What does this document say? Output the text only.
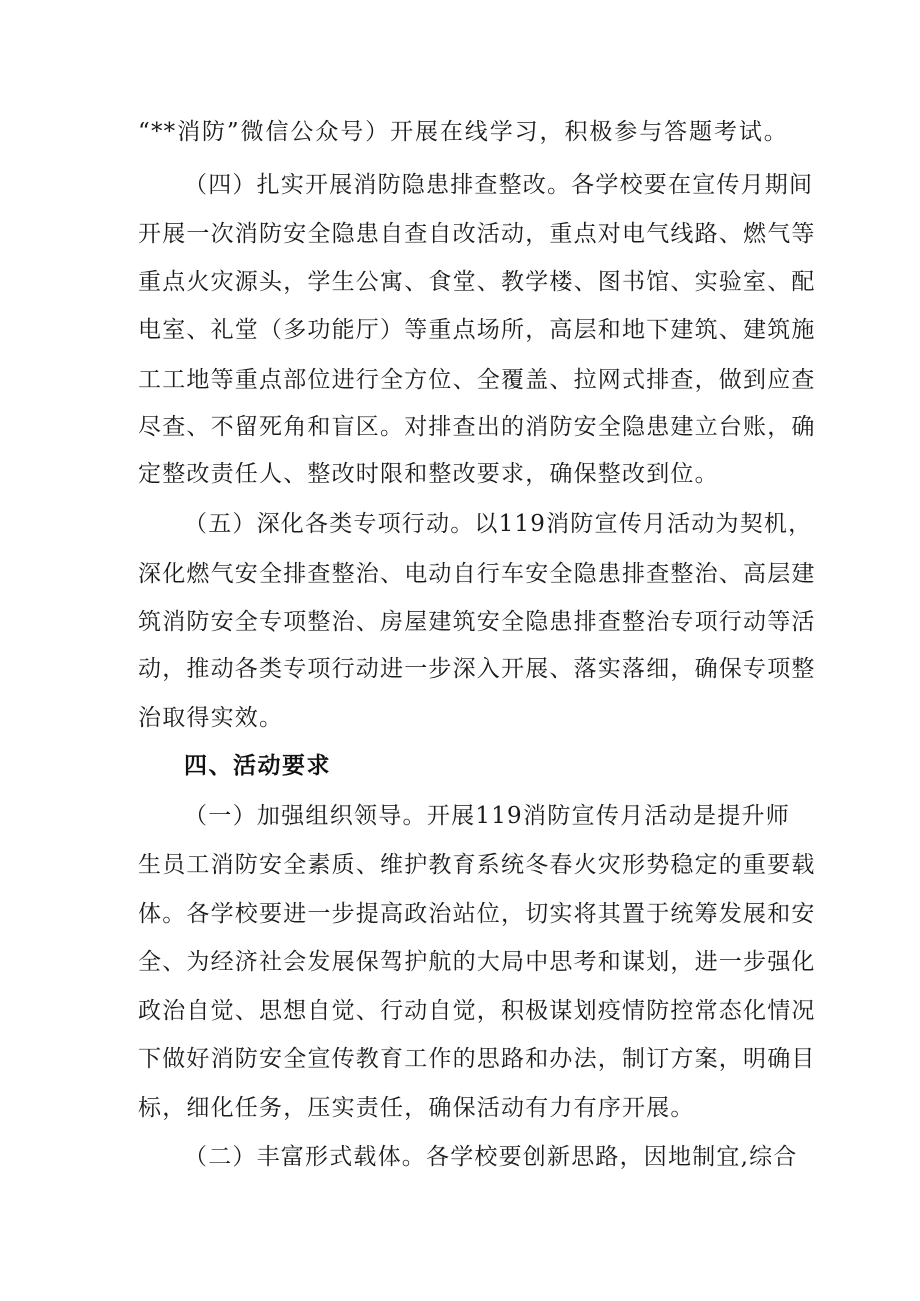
“**消防”微信公众号）开展在线学习，积极参与答题考试。
（四）扎实开展消防隐患排查整改。各学校要在宣传月期间
开展一次消防安全隐患自查自改活动，重点对电气线路、燃气等
重点火灾源头，学生公寓、食堂、教学楼、图书馆、实验室、配
电室、礼堂（多功能厅）等重点场所，高层和地下建筑、建筑施
工工地等重点部位进行全方位、全覆盖、拉网式排查，做到应查
尽查、不留死角和盲区。对排查出的消防安全隐患建立台账，确
定整改责任人、整改时限和整改要求，确保整改到位。
（五）深化各类专项行动。以119消防宣传月活动为契机，
深化燃气安全排查整治、电动自行车安全隐患排查整治、高层建
筑消防安全专项整治、房屋建筑安全隐患排查整治专项行动等活
动，推动各类专项行动进一步深入开展、落实落细，确保专项整
治取得实效。
四、活动要求
（一）加强组织领导。开展119消防宣传月活动是提升师
生员工消防安全素质、维护教育系统冬春火灾形势稳定的重要载
体。各学校要进一步提高政治站位，切实将其置于统筹发展和安
全、为经济社会发展保驾护航的大局中思考和谋划，进一步强化
政治自觉、思想自觉、行动自觉，积极谋划疫情防控常态化情况
下做好消防安全宣传教育工作的思路和办法，制订方案，明确目
标，细化任务，压实责任，确保活动有力有序开展。
（二）丰富形式载体。各学校要创新思路，因地制宜,综合
